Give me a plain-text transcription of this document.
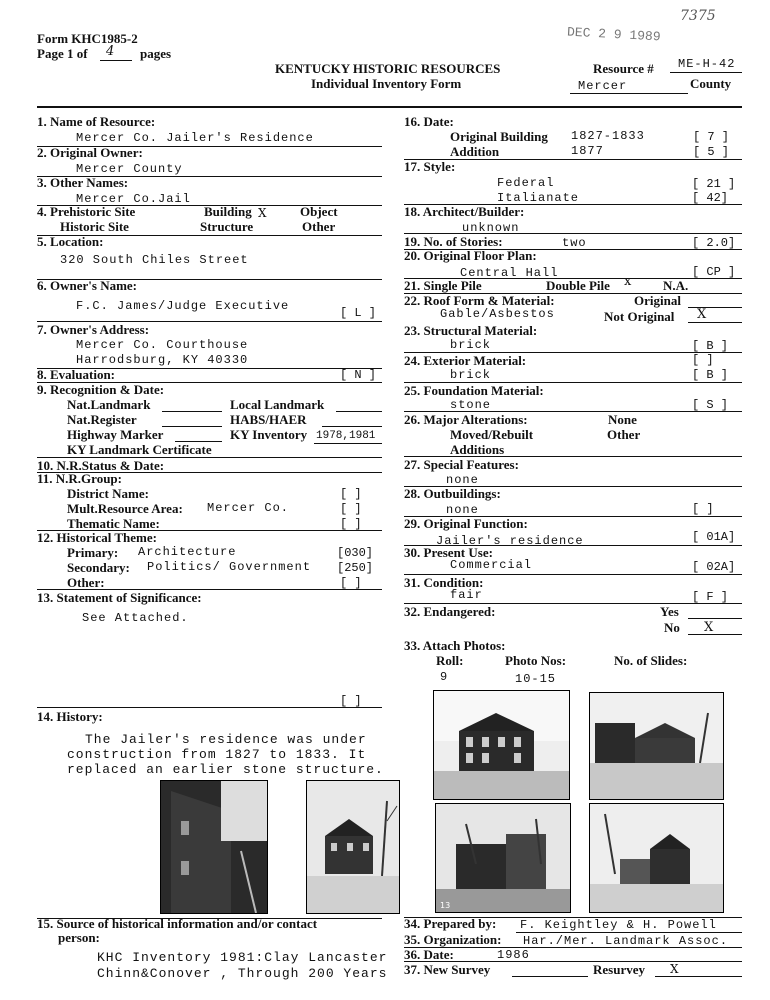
Form KHC1985-2
Page 1 of 4 pages
DEC 2 9 1989
7375
KENTUCKY HISTORIC RESOURCES
Individual Inventory Form
Resource # ME-H-42
Mercer	County
1. Name of Resource:
Mercer Co. Jailer's Residence
2. Original Owner:
Mercer County
3. Other Names:
Mercer Co.Jail
4. Prehistoric Site	Building X	Object
Historic Site	Structure	Other
5. Location:
320 South Chiles Street
6. Owner's Name:
F.C. James/Judge Executive	[ L ]
7. Owner's Address:
Mercer Co. Courthouse
Harrodsburg, KY 40330
8. Evaluation:	[ N ]
9. Recognition & Date:
Nat.Landmark	Local Landmark
Nat.Register	HABS/HAER
Highway Marker	KY Inventory 1978,1981
KY Landmark Certificate
10. N.R.Status & Date:
11. N.R.Group:
District Name:	[ ]
Mult.Resource Area: Mercer Co.	[ ]
Thematic Name:	[ ]
12. Historical Theme:
Primary: Architecture	[030]
Secondary: Politics/ Government [250]
Other:	[ ]
13. Statement of Significance:
See Attached.
[ ]
14. History:
The Jailer's residence was under
construction from 1827 to 1833. It
replaced an earlier stone structure.
15. Source of historical information and/or contact
person:
KHC Inventory 1981:Clay Lancaster
Chinn&Conover , Through 200 Years
16. Date:
Original Building 1827-1833	[ 7 ]
Addition	1877	[ 5 ]
17. Style:
Federal	[ 21 ]
Italianate	[ 42]
18. Architect/Builder:
unknown
19. No. of Stories:	two	[ 2.0]
20. Original Floor Plan:
Central Hall	[ CP ]
21. Single Pile	Double Pile x N.A.
22. Roof Form & Material:
Gable/Asbestos
Original
Not Original X
23. Structural Material:
brick	[ B ]
24. Exterior Material:	[ ]
brick	[ B ]
25. Foundation Material:
stone	[ S ]
26. Major Alterations:	None
Moved/Rebuilt	Other
Additions
27. Special Features:
none
28. Outbuildings:
none	[ ]
29. Original Function:
Jailer's residence	[ 01A]
30. Present Use:
Commercial	[ 02A]
31. Condition:
fair	[ F ]
32. Endangered:	Yes
No X
33. Attach Photos:
Roll:	Photo Nos:	No. of Slides:
9	10-15
13
34. Prepared by: F. Keightley & H. Powell
35. Organization: Har./Mer. Landmark Assoc.
36. Date:	1986
37. New Survey	Resurvey X
